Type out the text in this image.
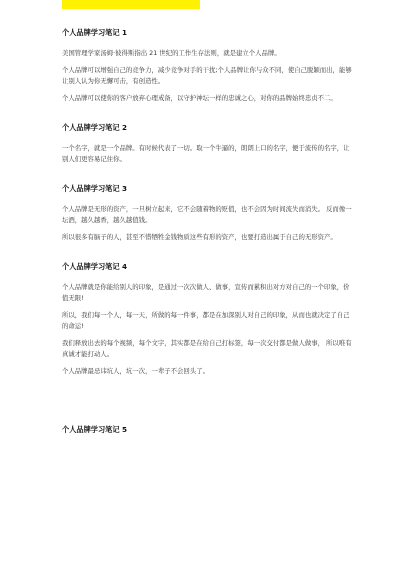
个人品牌学习笔记 1

美国管理学家汤姆·彼得斯指出 21 世纪的工作生存法则，就是建立个人品牌。

个人品牌可以增强自己的竞争力，减少竞争对手的干扰;个人品牌让你与众不同，使自己脱颖而出，能够让别人认为你无懈可击，有创造性。

个人品牌可以使你的客户放弃心理戒备，以守护神坛一样的忠诚之心，对你的品牌始终忠贞不二。

个人品牌学习笔记 2

一个名字，就是一个品牌。有时候代表了一切。取一个牛逼的，朗朗上口的名字，便于流传的名字，让别人们更容易记住你。

个人品牌学习笔记 3

个人品牌是无形的资产，一旦树立起来，它不会随着物的贬值，也不会因为时间流失而消失。 反而像一坛酒，越久越香，越久越值钱。

所以很多有脑子的人，甚至不惜牺牲金钱物质这些有形的资产，也要打造出属于自己的无形资产。

个人品牌学习笔记 4

个人品牌就是你能给别人的印象，是通过一次次做人、做事，宣传而累积出对方对自己的一个印象，价值无限!

所以，我们每一个人，每一天，所做的每一件事，都是在加深别人对自己的印象，从而也就决定了自己的命运!

我们释放出去的每个视频，每个文字，其实都是在给自己打标签，每一次交付都是做人做事， 所以唯有真诚才能打动人。

个人品牌最忌讳坑人，坑一次，一辈子不会回头了。

个人品牌学习笔记 5
